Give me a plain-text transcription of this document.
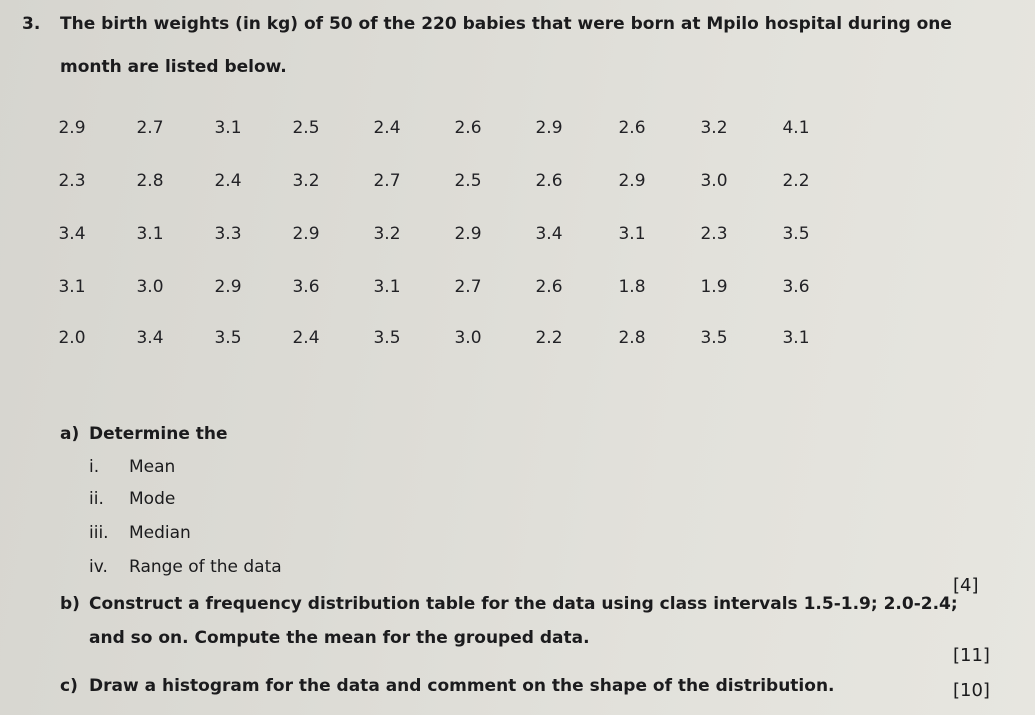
3. The birth weights (in kg) of 50 of the 220 babies that were born at Mpilo hospital during one
month are listed below.
2.9	2.7	3.1	2.5	2.4	2.6	2.9	2.6	3.2	4.1
2.3	2.8	2.4	3.2	2.7	2.5	2.6	2.9	3.0	2.2
3.4	3.1	3.3	2.9	3.2	2.9	3.4	3.1	2.3	3.5
3.1	3.0	2.9	3.6	3.1	2.7	2.6	1.8	1.9	3.6
2.0	3.4	3.5	2.4	3.5	3.0	2.2	2.8	3.5	3.1
a) Determine the
i. Mean
ii. Mode
iii. Median
iv. Range of the data
[4]
b) Construct a frequency distribution table for the data using class intervals 1.5-1.9; 2.0-2.4;
and so on. Compute the mean for the grouped data.
[11]
c) Draw a histogram for the data and comment on the shape of the distribution.	[10]
